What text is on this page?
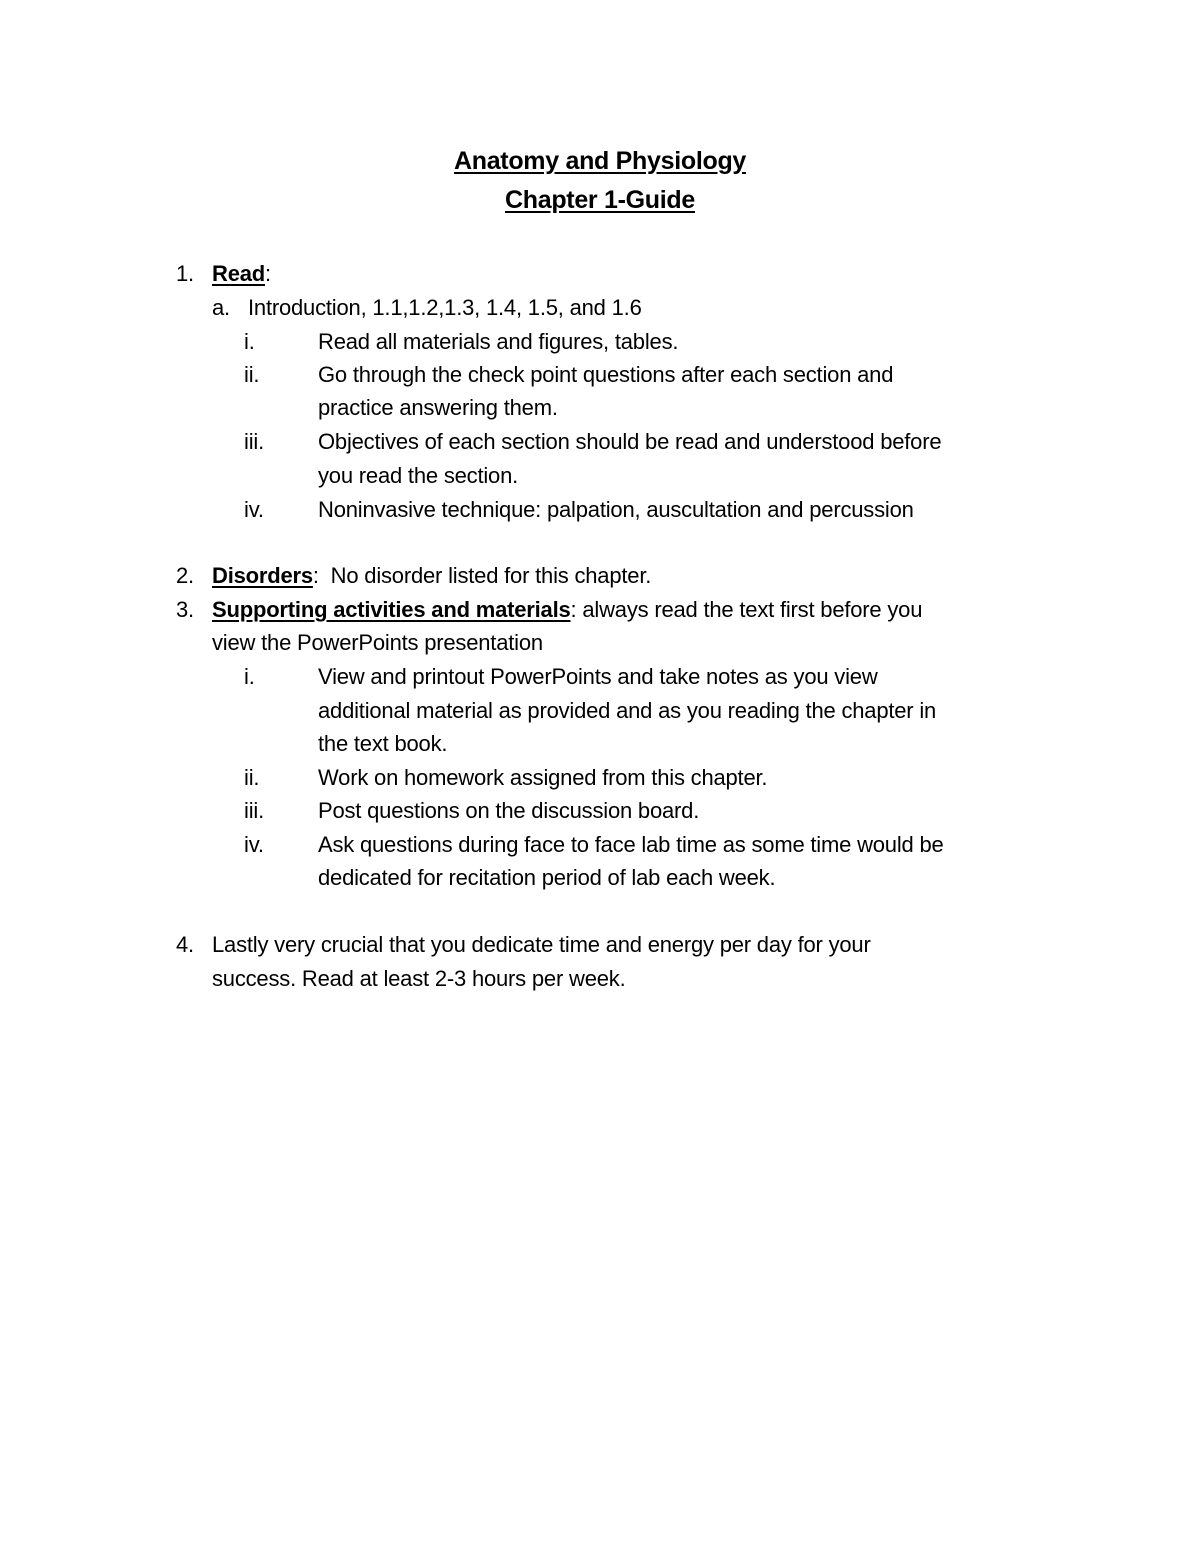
Anatomy and Physiology
Chapter 1-Guide
1. Read:
a. Introduction, 1.1,1.2,1.3, 1.4, 1.5, and 1.6
i.	Read all materials and figures, tables.
ii.	Go through the check point questions after each section and
practice answering them.
iii. Objectives of each section should be read and understood before
you read the section.
iv. Noninvasive technique: palpation, auscultation and percussion
2. Disorders:  No disorder listed for this chapter.
3. Supporting activities and materials: always read the text first before you
view the PowerPoints presentation
i.	View and printout PowerPoints and take notes as you view
additional material as provided and as you reading the chapter in
the text book.
ii.	Work on homework assigned from this chapter.
iii. Post questions on the discussion board.
iv. Ask questions during face to face lab time as some time would be
dedicated for recitation period of lab each week.
4. Lastly very crucial that you dedicate time and energy per day for your
success. Read at least 2-3 hours per week.
